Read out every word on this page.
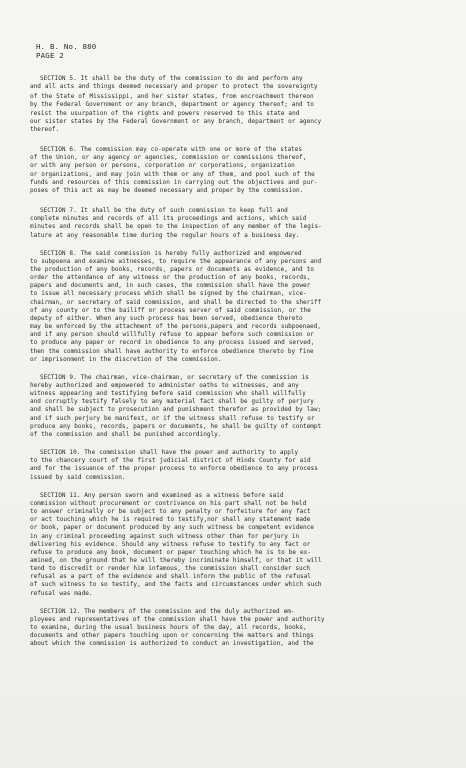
H. B. No. 880
PAGE 2
SECTION 5. It shall be the duty of the commission to do and perform any
and all acts and things deemed necessary and proper to protect the sovereignty
of the State of Mississippi, and her sister states, from encroachment thereon
by the Federal Government or any branch, department or agency thereof; and to
resist the usurpation of the rights and powers reserved to this state and
our sister states by the Federal Government or any branch, department or agency
thereof.
SECTION 6. The commission may co-operate with one or more of the states
of the Union, or any agency or agencies, commission or commissions thereof,
or with any person or persons, corporation or corporations, organization
or organizations, and may join with them or any of them, and pool such of the
funds and resources of this commission in carrying out the objectives and pur-
poses of this act as may be deemed necessary and proper by the commission.
SECTION 7. It shall be the duty of such commission to keep full and
complete minutes and records of all its proceedings and actions, which said
minutes and records shall be open to the inspection of any member of the legis-
lature at any reasonable time during the regular hours of a business day.
SECTION 8. The said commission is hereby fully authorized and empowered
to subpoena and examine witnesses, to require the appearance of any persons and
the production of any books, records, papers or documents as evidence, and to
order the attendance of any witness or the production of any books, records,
papers and documents and, in such cases, the commission shall have the power
to issue all necessary process which shall be signed by the chairman, vice-
chairman, or secretary of said commission, and shall be directed to the sheriff
of any county or to the bailiff or process server of said commission, or the
deputy of either. When any such process has been served, obedience thereto
may be enforced by the attachment of the persons,papers and records subpoenaed,
and if any person should willfully refuse to appear before such commission or
to produce any paper or record in obedience to any process issued and served,
then the commission shall have authority to enforce obedience thereto by fine
or imprisonment in the discretion of the commission.
SECTION 9. The chairman, vice-chairman, or secretary of the commission is
hereby authorized and empowered to administer oaths to witnesses, and any
witness appearing and testifying before said commission who shall willfully
and corruptly testify falsely to any material fact shall be guilty of perjury
and shall be subject to prosecution and punishment therefor as provided by law;
and if such perjury be manifest, or if the witness shall refuse to testify or
produce any books, records, papers or documents, he shall be guilty of contempt
of the commission and shall be punished accordingly.
SECTION 10. The commission shall have the power and authority to apply
to the chancery court of the first judicial district of Hinds County for aid
and for the issuance of the proper process to enforce obedience to any process
issued by said commission.
SECTION 11. Any person sworn and examined as a witness before said
commission without procurement or contrivance on his part shall not be held
to answer criminally or be subject to any penalty or forfeiture for any fact
or act touching which he is required to testify,nor shall any statement made
or book, paper or document produced by any such witness be competent evidence
in any criminal proceeding against such witness other than for perjury in
delivering his evidence. Should any witness refuse to testify to any fact or
refuse to produce any book, document or paper touching which he is to be ex-
amined, on the ground that he will thereby incriminate himself, or that it will
tend to discredit or render him infamous, the commission shall consider such
refusal as a part of the evidence and shall inform the public of the refusal
of such witness to so testify, and the facts and circumstances under which such
refusal was made.
SECTION 12. The members of the commission and the duly authorized em-
ployees and representatives of the commission shall have the power and authority
to examine, during the usual business hours of the day, all records, books,
documents and other papers touching upon or concerning the matters and things
about which the commission is authorized to conduct an investigation, and the
